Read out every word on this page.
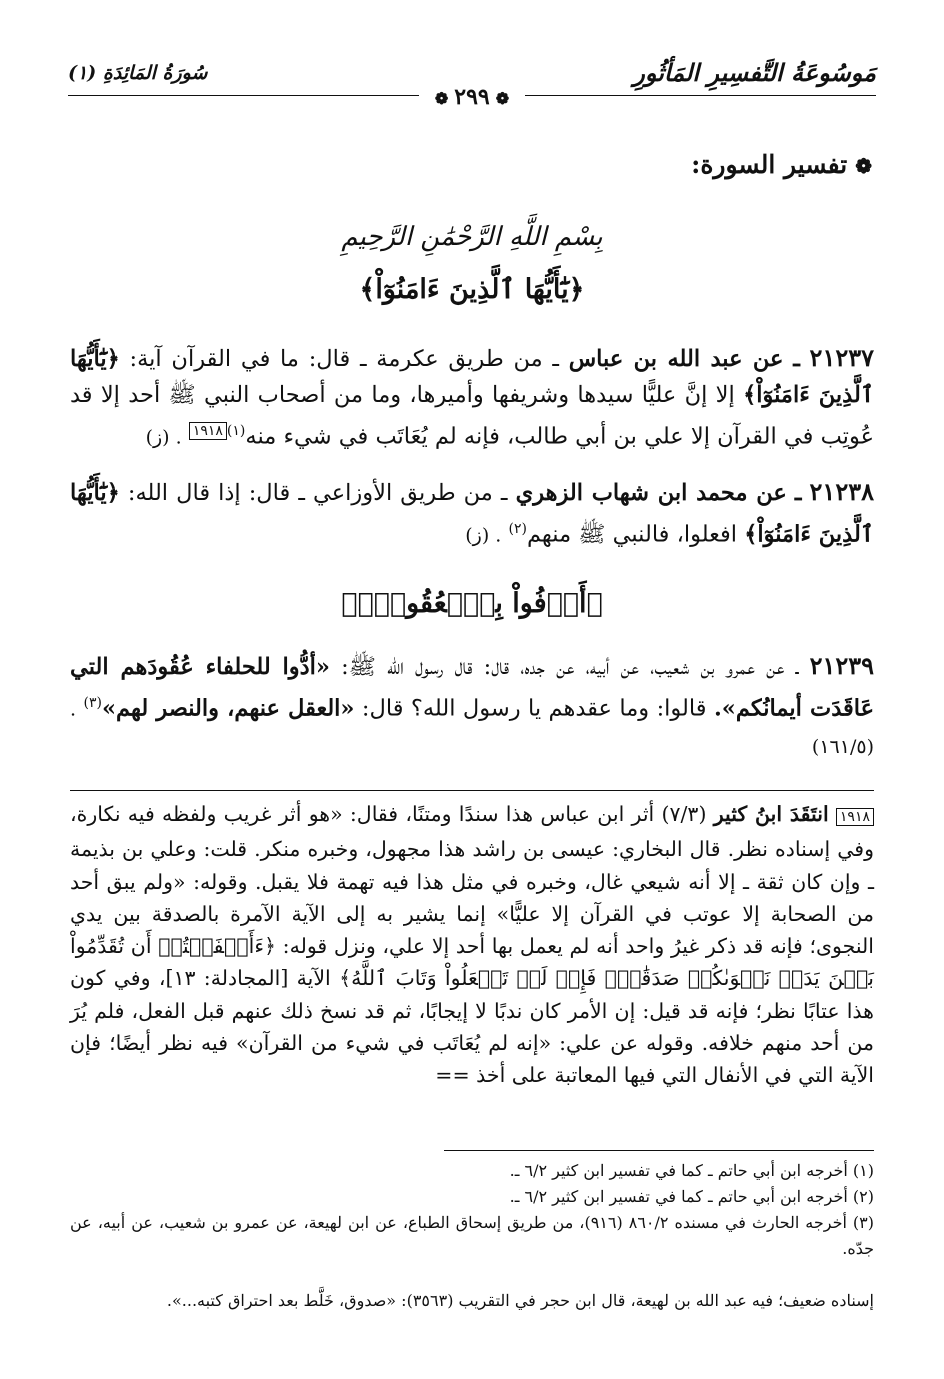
مَوسُوعَةُ التَّفسِيرِ المَأثُورِ
سُورَةُ المَائِدَةِ (١)
❁٢٩٩❁
❁تفسير السورة:
بِسْمِ اللَّهِ الرَّحْمَٰنِ الرَّحِيمِ
﴿يَٰٓأَيُّهَا ٱلَّذِينَ ءَامَنُوٓاْ﴾
٢١٢٣٧ ـ عن عبد الله بن عباس ـ من طريق عكرمة ـ قال: ما في القرآن آية: ﴿يَٰٓأَيُّهَا ٱلَّذِينَ ءَامَنُوٓاْ﴾ إلا إنَّ عليًّا سيدها وشريفها وأميرها، وما من أصحاب النبي ﷺ أحد إلا قد عُوتِب في القرآن إلا علي بن أبي طالب، فإنه لم يُعَاتَب في شيء منه$^{(١)١٩١٨}$ . (ز)
٢١٢٣٨ ـ عن محمد ابن شهاب الزهري ـ من طريق الأوزاعي ـ قال: إذا قال الله: ﴿يَٰٓأَيُّهَا ٱلَّذِينَ ءَامَنُوٓاْ﴾ افعلوا، فالنبي ﷺ منهم$^{(٢)}$ . (ز)
﴿أَوۡفُواْ بِٱلۡعُقُودِۚ﴾
٢١٢٣٩ ـ عن عمرو بن شعيب، عن أبيه، عن جده، قال: قال رسول الله ﷺ: «أدُّوا للحلفاء عُقُودَهم التي عَاقَدَت أيمانُكم». قالوا: وما عقدهم يا رسول الله؟ قال: «العقل عنهم، والنصر لهم»$^{(٣)}$ . (١٦١/٥)
١٩١٨ انتَقَدَ ابنُ كثير (٧/٣) أثر ابن عباس هذا سندًا ومتنًا، فقال: «هو أثر غريب ولفظه فيه نكارة، وفي إسناده نظر. قال البخاري: عيسى بن راشد هذا مجهول، وخبره منكر. قلت: وعلي بن بذيمة ـ وإن كان ثقة ـ إلا أنه شيعي غال، وخبره في مثل هذا فيه تهمة فلا يقبل. وقوله: «ولم يبق أحد من الصحابة إلا عوتب في القرآن إلا عليًّا» إنما يشير به إلى الآية الآمرة بالصدقة بين يدي النجوى؛ فإنه قد ذكر غيرُ واحد أنه لم يعمل بها أحد إلا علي، ونزل قوله: ﴿ءَأَشۡفَقۡتُمۡ أَن تُقَدِّمُواْ بَيۡنَ يَدَيۡ نَجۡوَىٰكُمۡ صَدَقَٰتٖۚ فَإِذۡ لَمۡ تَفۡعَلُواْ وَتَابَ ٱللَّهُ﴾ الآية [المجادلة: ١٣]، وفي كون هذا عتابًا نظر؛ فإنه قد قيل: إن الأمر كان ندبًا لا إيجابًا، ثم قد نسخ ذلك عنهم قبل الفعل، فلم يُرَ من أحد منهم خلافه. وقوله عن علي: «إنه لم يُعَاتَب في شيء من القرآن» فيه نظر أيضًا؛ فإن الآية التي في الأنفال التي فيها المعاتبة على أخذ ==
(١) أخرجه ابن أبي حاتم ـ كما في تفسير ابن كثير ٦/٢ ـ.
(٢) أخرجه ابن أبي حاتم ـ كما في تفسير ابن كثير ٦/٢ ـ.
(٣) أخرجه الحارث في مسنده ٨٦٠/٢ (٩١٦)، من طريق إسحاق الطباع، عن ابن لهيعة، عن عمرو بن شعيب، عن أبيه، عن جدّه.
إسناده ضعيف؛ فيه عبد الله بن لهيعة، قال ابن حجر في التقريب (٣٥٦٣): «صدوق، خَلَّط بعد احتراق كتبه...».
